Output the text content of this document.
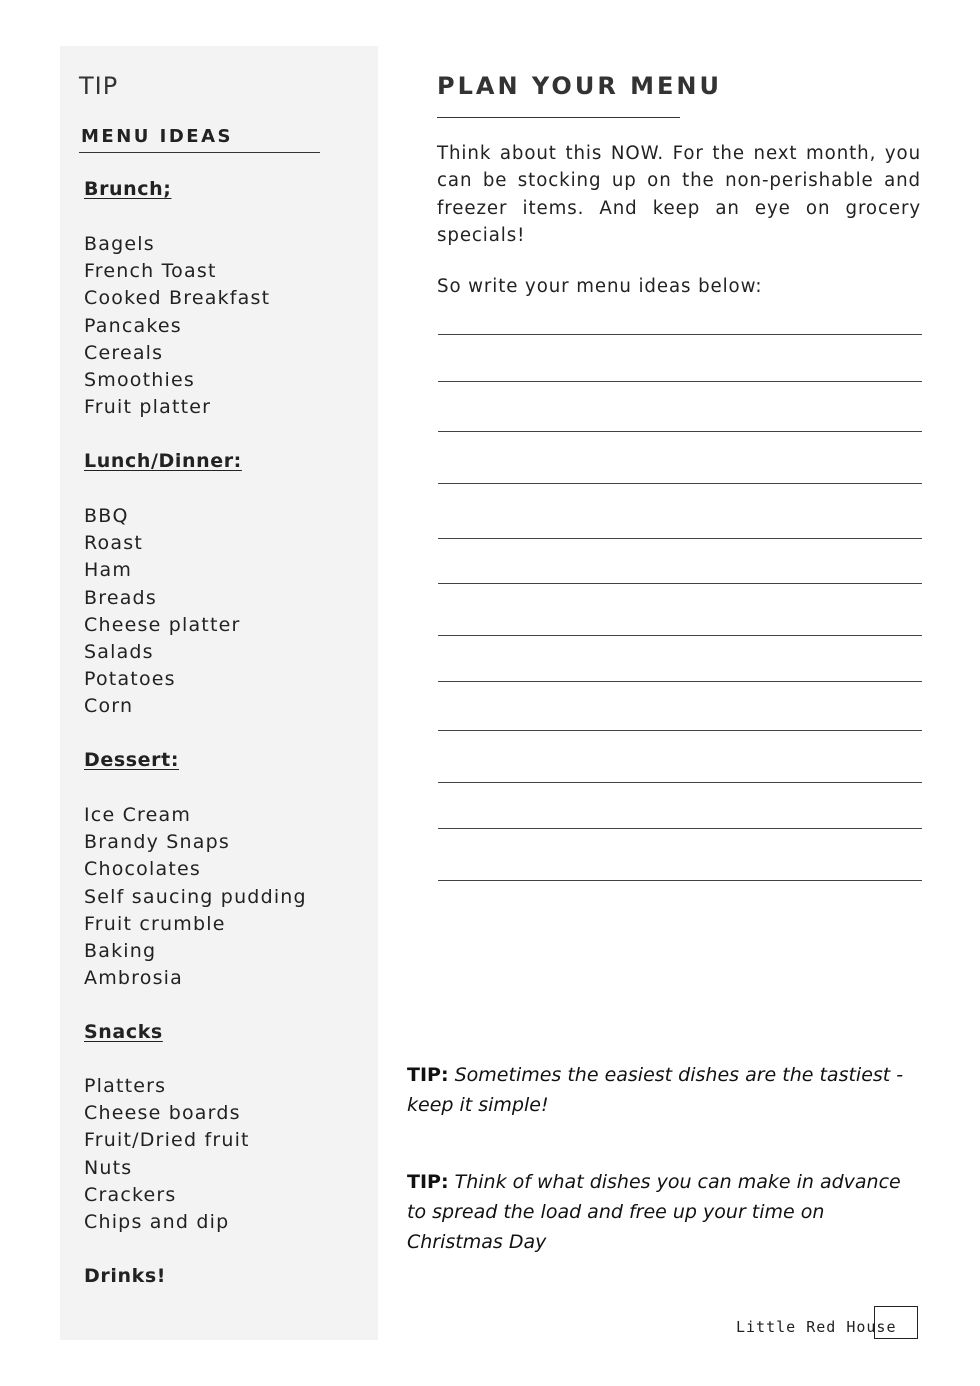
TIP
MENU IDEAS
Brunch;
Bagels
French Toast
Cooked Breakfast
Pancakes
Cereals
Smoothies
Fruit platter
Lunch/Dinner:
BBQ
Roast
Ham
Breads
Cheese platter
Salads
Potatoes
Corn
Dessert:
Ice Cream
Brandy Snaps
Chocolates
Self saucing pudding
Fruit crumble
Baking
Ambrosia
Snacks
Platters
Cheese boards
Fruit/Dried fruit
Nuts
Crackers
Chips and dip
Drinks!
PLAN YOUR MENU

Think about this NOW. For the next month, you can be stocking up on the non-perishable and freezer items. And keep an eye on grocery specials!

So write your menu ideas below:
TIP: Sometimes the easiest dishes are the tastiest - keep it simple!
TIP: Think of what dishes you can make in advance to spread the load and free up your time on Christmas Day
Little Red House
